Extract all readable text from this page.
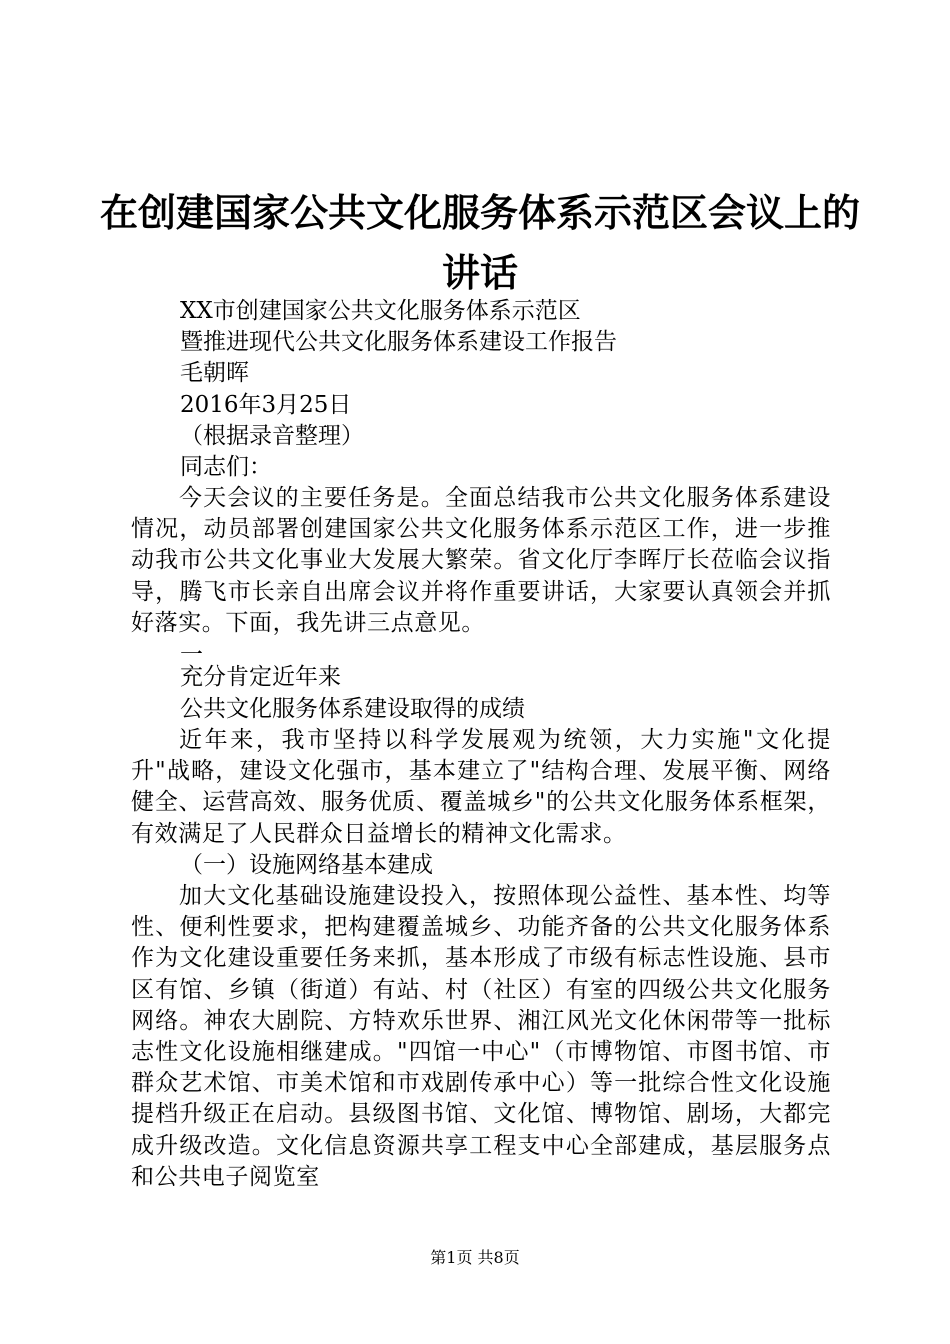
在创建国家公共文化服务体系示范区会议上的讲话
XX市创建国家公共文化服务体系示范区
暨推进现代公共文化服务体系建设工作报告
毛朝晖
2016年3月25日
（根据录音整理）
同志们：
今天会议的主要任务是。全面总结我市公共文化服务体系建设情况，动员部署创建国家公共文化服务体系示范区工作，进一步推动我市公共文化事业大发展大繁荣。省文化厅李晖厅长莅临会议指导，腾飞市长亲自出席会议并将作重要讲话，大家要认真领会并抓好落实。下面，我先讲三点意见。
一
充分肯定近年来
公共文化服务体系建设取得的成绩
近年来，我市坚持以科学发展观为统领，大力实施"文化提升"战略，建设文化强市，基本建立了"结构合理、发展平衡、网络健全、运营高效、服务优质、覆盖城乡"的公共文化服务体系框架，有效满足了人民群众日益增长的精神文化需求。
（一）设施网络基本建成
加大文化基础设施建设投入，按照体现公益性、基本性、均等性、便利性要求，把构建覆盖城乡、功能齐备的公共文化服务体系作为文化建设重要任务来抓，基本形成了市级有标志性设施、县市区有馆、乡镇（街道）有站、村（社区）有室的四级公共文化服务网络。神农大剧院、方特欢乐世界、湘江风光文化休闲带等一批标志性文化设施相继建成。"四馆一中心"（市博物馆、市图书馆、市群众艺术馆、市美术馆和市戏剧传承中心）等一批综合性文化设施提档升级正在启动。县级图书馆、文化馆、博物馆、剧场，大都完成升级改造。文化信息资源共享工程支中心全部建成，基层服务点和公共电子阅览室
第1页 共8页
